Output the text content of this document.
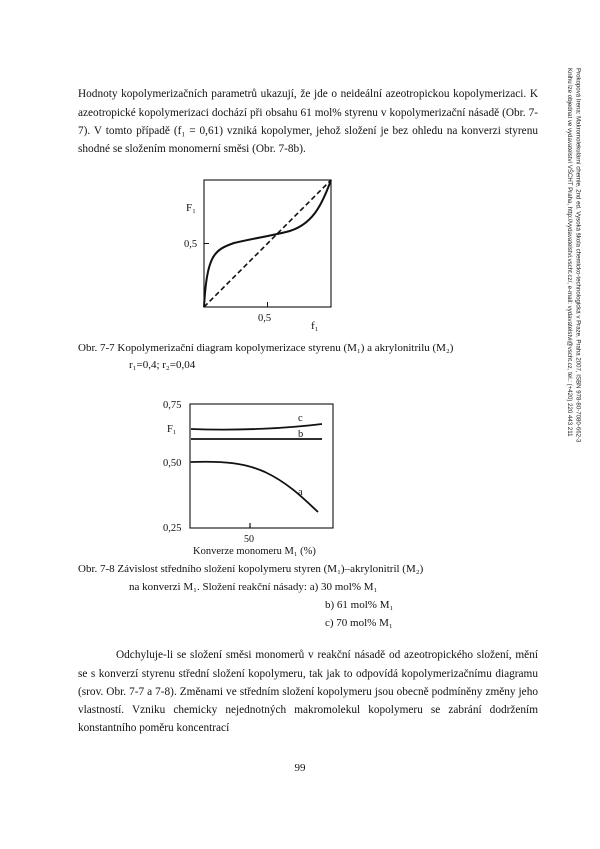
Prokopová Irena: Makromolekulární chemie, 2nd ed. Vysoká škola chemicko-technologická v Praze, Praha 2007, ISBN 978-80-7080-662-3
Knihu lze objednat ve vydavatelství VŠCHT Praha, http://vydavatelstvi.vscht.cz/, e-mail: vydavatelstvi@vscht.cz, tel.: (+420) 220 443 211

Hodnoty kopolymerizačních parametrů ukazují, že jde o neideální azeotropickou kopolymerizaci. K azeotropické kopolymerizaci dochází při obsahu 61 mol% styrenu v kopolymerizační násadě (Obr. 7-7). V tomto případě (f₁ = 0,61) vzniká kopolymer, jehož složení je bez ohledu na konverzi styrenu shodné se složením monomerní směsi (Obr. 7-8b).

F₁
0,5
0,5
f₁
c
b
a
0,75
F₁
0,50
0,25
50
Konverze monomeru M₁ (%)
Obr. 7-7 Kopolymerizační diagram kopolymerizace styrenu (M₁) a akrylonitrilu (M₂)
r₁=0,4; r₂=0,04
Obr. 7-8 Závislost středního složení kopolymeru styren (M₁)–akrylonitril (M₂)
na konverzi M₁. Složení reakční násady: a) 30 mol% M₁
b) 61 mol% M₁
c) 70 mol% M₁

Odchyluje-li se složení směsi monomerů v reakční násadě od azeotropického složení, mění se s konverzí styrenu střední složení kopolymeru, tak jak to odpovídá kopolymerizačnímu diagramu (srov. Obr. 7-7 a 7-8). Změnami ve středním složení kopolymeru jsou obecně podmíněny změny jeho vlastností. Vzniku chemicky nejednotných makromolekul kopolymeru se zabrání dodržením konstantního poměru koncentrací

99
